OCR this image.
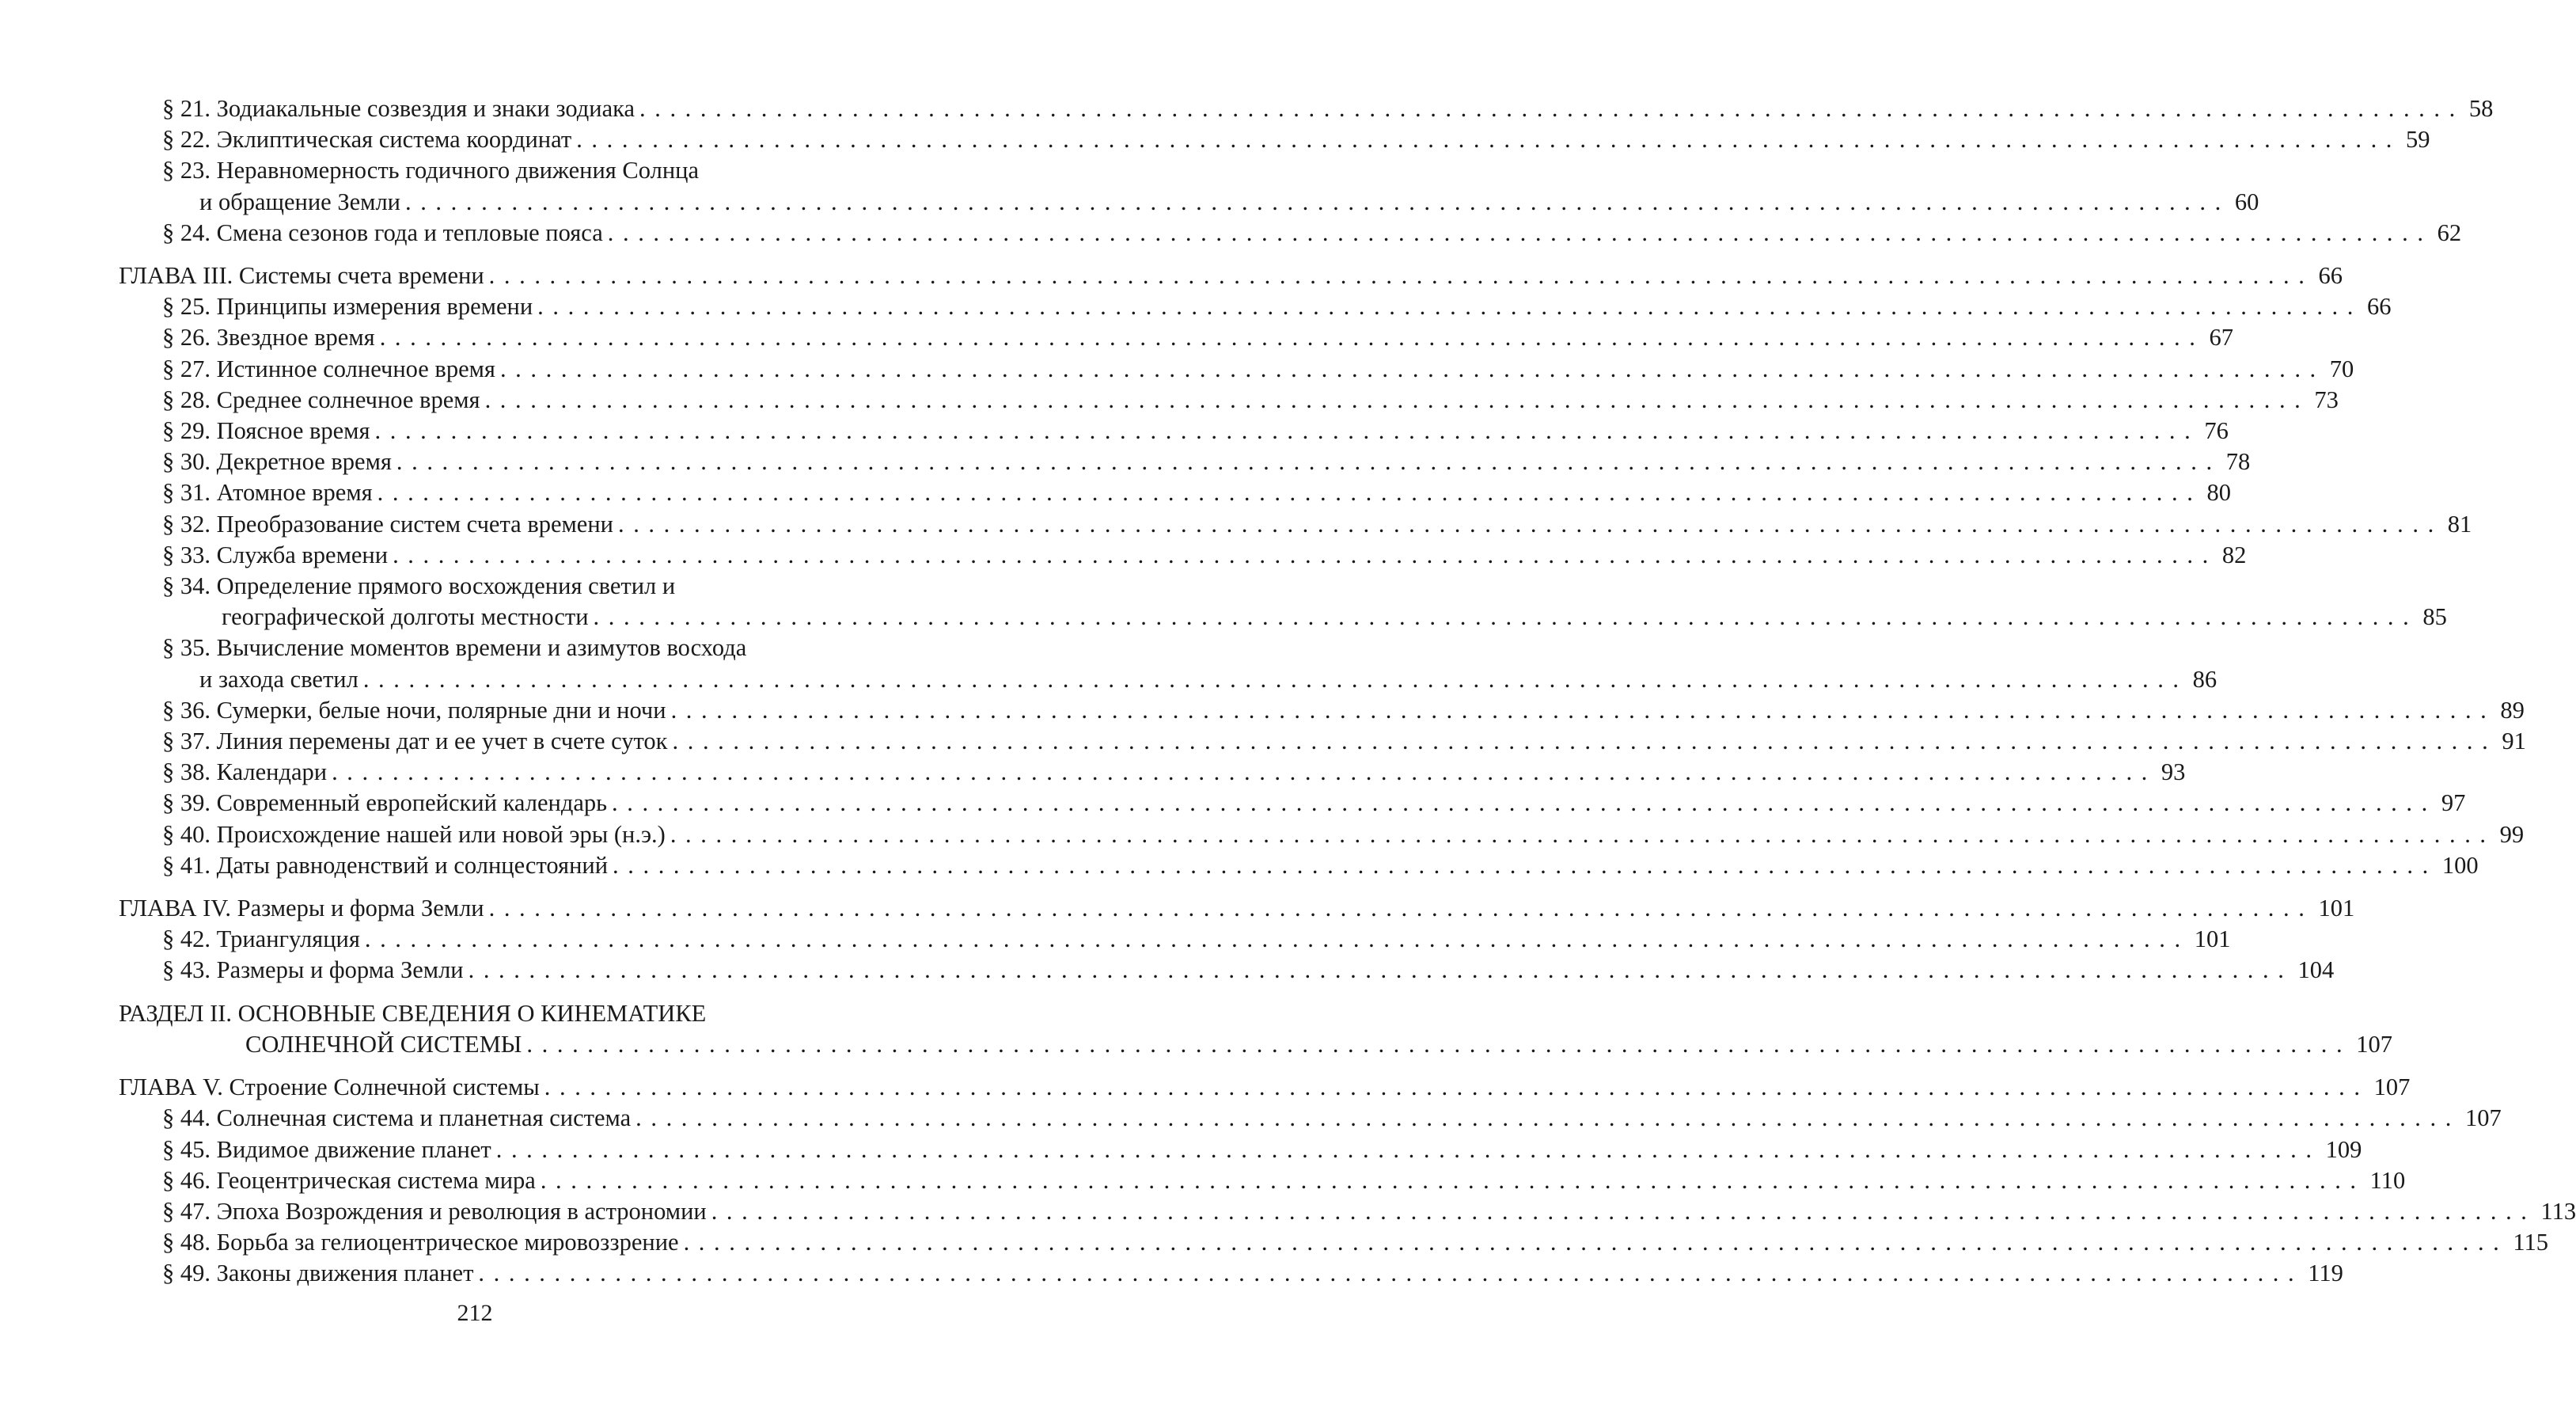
§ 21. Зодиакальные созвездия и знаки зодиака ........................................................................................................................ 58
§ 22. Эклиптическая система координат ........................................................................................................................ 59
§ 23. Неравномерность годичного движения Солнца
и обращение Земли ........................................................................................................................ 60
§ 24. Смена сезонов года и тепловые пояса ........................................................................................................................ 62
ГЛАВА III. Системы счета времени ........................................................................................................................ 66
§ 25. Принципы измерения времени ........................................................................................................................ 66
§ 26. Звездное время ........................................................................................................................ 67
§ 27. Истинное солнечное время ........................................................................................................................ 70
§ 28. Среднее солнечное время ........................................................................................................................ 73
§ 29. Поясное время ........................................................................................................................ 76
§ 30. Декретное время ........................................................................................................................ 78
§ 31. Атомное время ........................................................................................................................ 80
§ 32. Преобразование систем счета времени ........................................................................................................................ 81
§ 33. Служба времени ........................................................................................................................ 82
§ 34. Определение прямого восхождения светил и
географической долготы местности ........................................................................................................................ 85
§ 35. Вычисление моментов времени и азимутов восхода
и захода светил ........................................................................................................................ 86
§ 36. Сумерки, белые ночи, полярные дни и ночи ........................................................................................................................ 89
§ 37. Линия перемены дат и ее учет в счете суток ........................................................................................................................ 91
§ 38. Календари ........................................................................................................................ 93
§ 39. Современный европейский календарь ........................................................................................................................ 97
§ 40. Происхождение нашей или новой эры (н.э.) ........................................................................................................................ 99
§ 41. Даты равноденствий и солнцестояний ........................................................................................................................ 100
ГЛАВА IV. Размеры и форма Земли ........................................................................................................................ 101
§ 42. Триангуляция ........................................................................................................................ 101
§ 43. Размеры и форма Земли ........................................................................................................................ 104
РАЗДЕЛ II. ОСНОВНЫЕ СВЕДЕНИЯ О КИНЕМАТИКЕ
СОЛНЕЧНОЙ СИСТЕМЫ ........................................................................................................................ 107
ГЛАВА V. Строение Солнечной системы ........................................................................................................................ 107
§ 44. Солнечная система и планетная система ........................................................................................................................ 107
§ 45. Видимое движение планет ........................................................................................................................ 109
§ 46. Геоцентрическая система мира ........................................................................................................................ 110
§ 47. Эпоха Возрождения и революция в астрономии ........................................................................................................................ 113
§ 48. Борьба за гелиоцентрическое мировоззрение ........................................................................................................................ 115
§ 49. Законы движения планет ........................................................................................................................ 119
212
